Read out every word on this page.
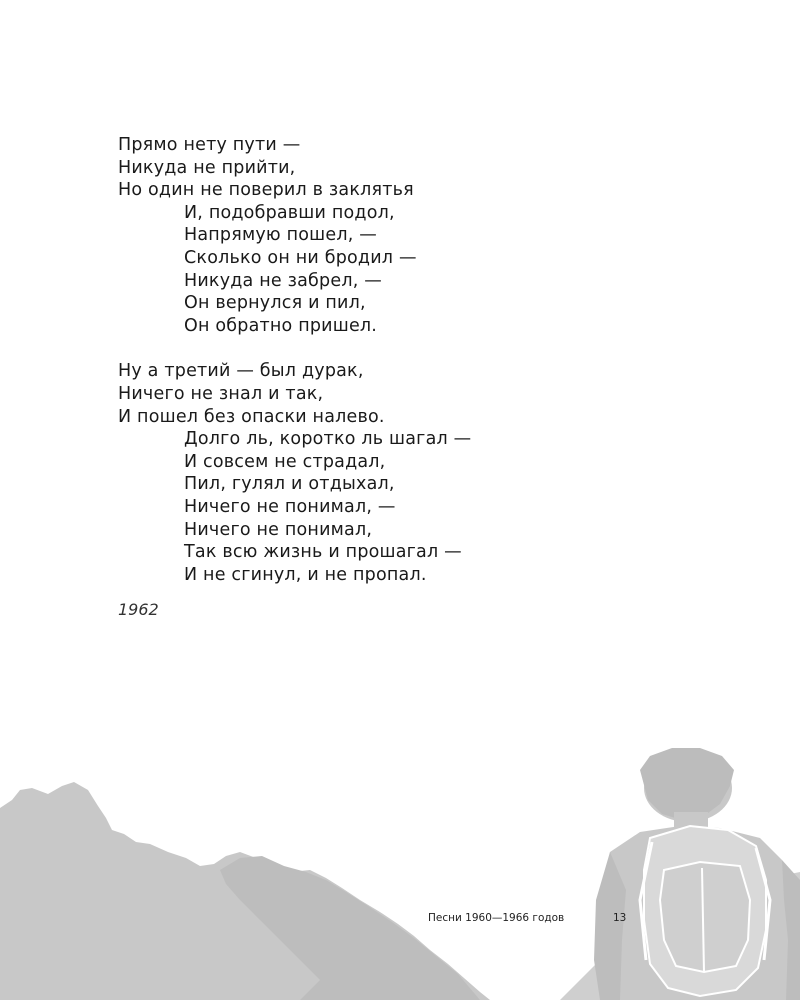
Прямо нету пути —
Никуда не прийти,
Но один не поверил в заклятья
И, подобравши подол,
Напрямую пошел, —
Сколько он ни бродил —
Никуда не забрел, —
Он вернулся и пил,
Он обратно пришел.
Ну а третий — был дурак,
Ничего не знал и так,
И пошел без опаски налево.
Долго ль, коротко ль шагал —
И совсем не страдал,
Пил, гулял и отдыхал,
Ничего не понимал, —
Ничего не понимал,
Так всю жизнь и прошагал —
И не сгинул, и не пропал.
1962
Песни 1960—1966 годов	13
